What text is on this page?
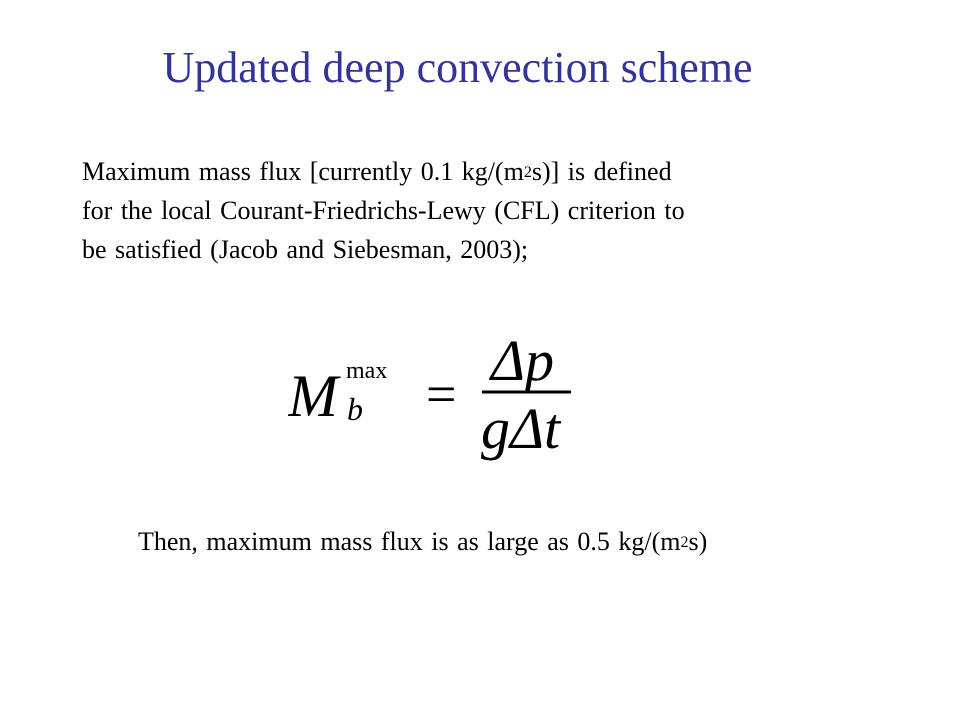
Updated deep convection scheme
Maximum mass flux [currently 0.1 $kg/(m^2s)$] is defined
for the local Courant-Friedrichs-Lewy (CFL) criterion to
be satisfied (Jacob and Siebesman, 2003);
M max
b =
Δp
gΔt
Then, maximum mass flux is as large as 0.5 $kg/(m^2s)$
